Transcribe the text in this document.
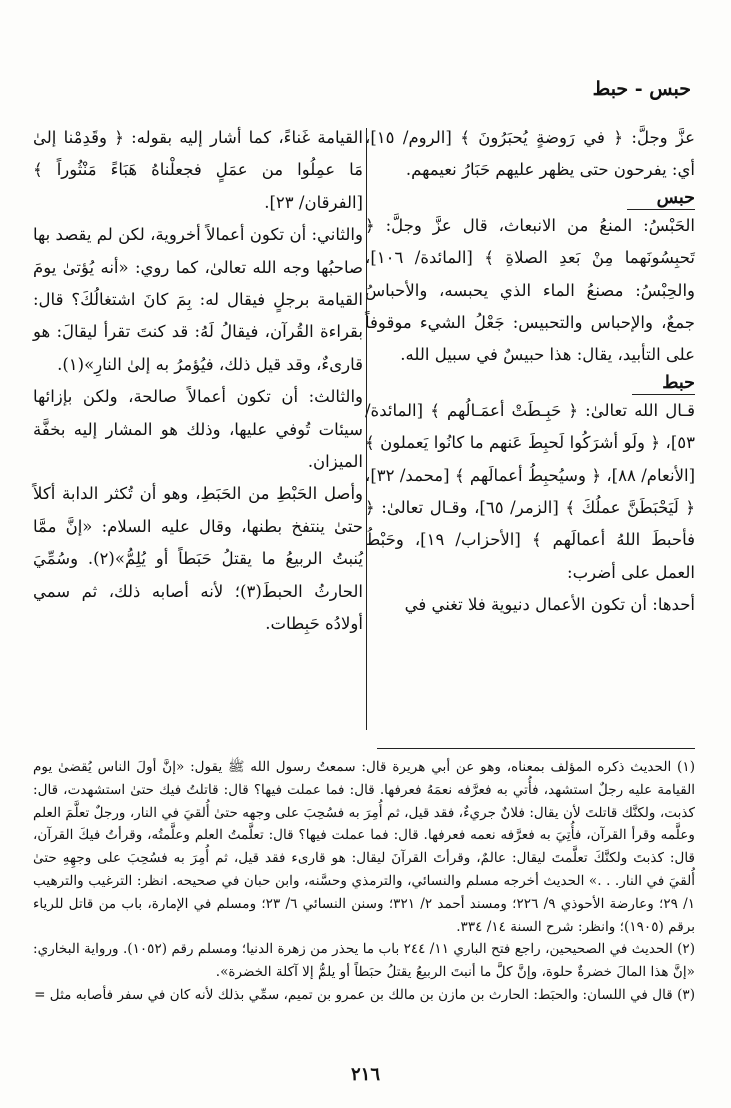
حبس - حبط

عزَّ وجلَّ: ﴿ في رَوضةٍ يُحبَرُونَ ﴾ [الروم/ ١٥]، أي: يفرحون حتى يظهر عليهم حَبَارُ نعيمهم.

حبس

الحَبْسُ: المنعُ من الانبعاث، قال عزَّ وجلَّ: ﴿ تَحبِسُونَهما مِنْ بَعدِ الصلاةِ ﴾ [المائدة/ ١٠٦]، والحِبْسُ: مصنعُ الماء الذي يحبسه، والأحباسُ جمعٌ، والإحباس والتحبيس: جَعْلُ الشيء موقوفاً على التأبيد، يقال: هذا حبيسٌ في سبيل الله.

حبط

قـال الله تعالىٰ: ﴿ حَبِـطَتْ أعمَـالُهم ﴾ [المائدة/ ٥٣]، ﴿ ولَو أشرَكُوا لَحبِطَ عَنهم ما كانُوا يَعملون ﴾ [الأنعام/ ٨٨]، ﴿ وسيُحبِطُ أعمالَهم ﴾ [محمد/ ٣٢]، ﴿ لَيَحْبَطَنَّ عملُكَ ﴾ [الزمر/ ٦٥]، وقـال تعالىٰ: ﴿ فأحبطَ اللهُ أعمالَهم ﴾ [الأحزاب/ ١٩]، وحَبْطُ العمل على أضرب:

أحدها: أن تكون الأعمال دنيوية فلا تغني في

القيامة غَناءً، كما أشار إليه بقوله: ﴿ وقَدِمْنا إلىٰ مَا عمِلُوا من عمَلٍ فجعلْناهُ هَبَاءً مَنْثُوراً ﴾ [الفرقان/ ٢٣].

والثاني: أن تكون أعمالاً أخروية، لكن لم يقصد بها صاحبُها وجه الله تعالىٰ، كما روي: «أنه يُؤتىٰ يومَ القيامة برجلٍ فيقال له: بِمَ كانَ اشتغالُكَ؟ قال: بقراءة القُرآن، فيقالُ لَهُ: قد كنتَ تقرأ ليقالَ: هو قارىءٌ، وقد قيل ذلك، فيُؤمرُ به إلىٰ النارِ»(١).

والثالث: أن تكون أعمالاً صالحة، ولكن بإزائها سيئات تُوفي عليها، وذلك هو المشار إليه بخفَّة الميزان.

وأصل الحَبْطِ من الحَبَطِ، وهو أن تُكثر الدابة أكلاً حتىٰ ينتفخ بطنها، وقال عليه السلام: «إنَّ ممَّا يُنبتُ الربيعُ ما يقتلُ حَبَطاً أو يُلِمُّ»(٢). وسُمِّيَ الحارثُ الحبطَ(٣)؛ لأنه أصابه ذلك، ثم سمي أولادُه حَبِطات.

(١) الحديث ذكره المؤلف بمعناه، وهو عن أبي هريرة قال: سمعتُ رسول الله ﷺ يقول: «إنَّ أولَ الناس يُقضىٰ يوم القيامة عليه رجلٌ استشهد، فأُتي به فعرَّفه نعمَهُ فعرفها. قال: فما عملت فيها؟ قال: قاتلتُ فيك حتىٰ استشهدت، قال: كذبت، ولكنَّك قاتلتَ لأن يقال: فلانٌ جريءٌ، فقد قيل، ثم أُمِرَ به فسُحِبَ على وجهه حتىٰ أُلقيَ في النار، ورجلٌ تعلَّمَ العلم وعلَّمه وقرأ القرآن، فأُتِيَ به فعرَّفه نعمه فعرفها. قال: فما عملت فيها؟ قال: تعلَّمتُ العلم وعلَّمتُه، وقرأتُ فيكَ القرآن، قال: كذبتَ ولكنَّكَ تعلَّمتَ ليقال: عالمٌ، وقرأتَ القرآنَ ليقال: هو قارىء فقد قيل، ثم أُمِرَ به فسُحِبَ على وجهِهِ حتىٰ أُلقيَ في النار. . .» الحديث أخرجه مسلم والنسائي، والترمذي وحسَّنه، وابن حبان في صحيحه. انظر: الترغيب والترهيب ١/ ٢٩؛ وعارضة الأحوذي ٩/ ٢٢٦؛ ومسند أحمد ٢/ ٣٢١؛ وسنن النسائي ٦/ ٢٣؛ ومسلم في الإمارة، باب من قاتل للرياء برقم (١٩٠٥)؛ وانظر: شرح السنة ١٤/ ٣٣٤.

(٢) الحديث في الصحيحين، راجع فتح الباري ١١/ ٢٤٤ باب ما يحذر من زهرة الدنيا؛ ومسلم رقم (١٠٥٢). ورواية البخاري: «إنَّ هذا المالَ خضرةٌ حلوة، وإنَّ كلَّ ما أنبتَ الربيعُ يقتلُ حبَطاً أو يلمُّ إلا آكلة الخضرة».

(٣) قال في اللسان: والحبَط: الحارث بن مازن بن مالك بن عمرو بن تميم، سمِّي بذلك لأنه كان في سفر فأصابه مثل =

٢١٦
